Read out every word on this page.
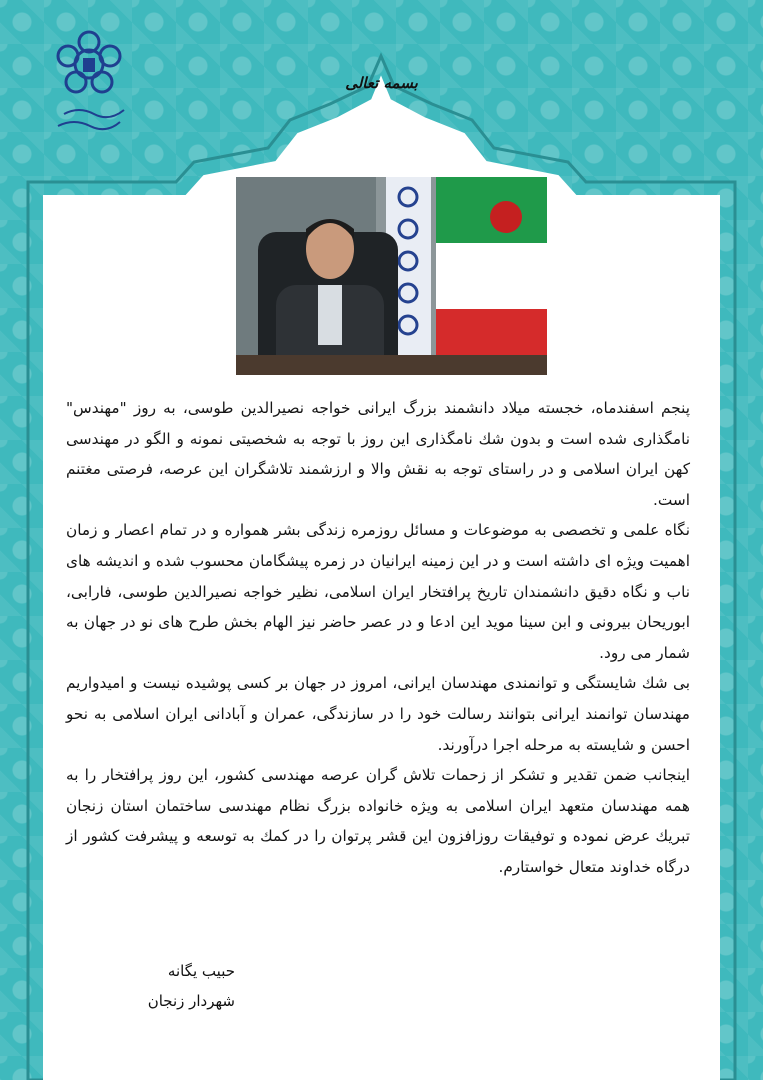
بسمه تعالی

پنجم اسفندماه، خجسته میلاد دانشمند بزرگ ایرانی خواجه نصیرالدین طوسی، به روز "مهندس" نامگذاری شده است و بدون شك نامگذاری این روز با توجه به شخصیتی نمونه و الگو در مهندسی کهن ایران اسلامی و در راستای توجه به نقش والا و ارزشمند تلاشگران این عرصه، فرصتی مغتنم است.

نگاه علمی و تخصصی به موضوعات و مسائل روزمره زندگی بشر همواره و در تمام اعصار و زمان اهمیت ویژه ای داشته است و در این زمینه ایرانیان در زمره پیشگامان محسوب شده و اندیشه های ناب و نگاه دقیق دانشمندان تاریخ پرافتخار ایران اسلامی، نظیر خواجه نصیرالدین طوسی، فارابی، ابوریحان بیرونی و ابن سینا موید این ادعا و در عصر حاضر نیز الهام بخش طرح های نو در جهان به شمار می رود.

بی شك شایستگی و توانمندی مهندسان ایرانی، امروز در جهان بر کسی پوشیده نیست و امیدواریم مهندسان توانمند ایرانی بتوانند رسالت خود را در سازندگی، عمران و آبادانی ایران اسلامی به نحو احسن و شایسته به مرحله اجرا درآورند.

اینجانب ضمن تقدیر و تشکر از زحمات تلاش گران عرصه مهندسی کشور، این روز پرافتخار را به همه مهندسان متعهد ایران اسلامی به ویژه خانواده بزرگ نظام مهندسی ساختمان استان زنجان تبریك عرض نموده و توفیقات روزافزون این قشر پرتوان را در کمك به توسعه و پیشرفت کشور از درگاه خداوند متعال خواستارم.

حبیب یگانه
شهردار زنجان
